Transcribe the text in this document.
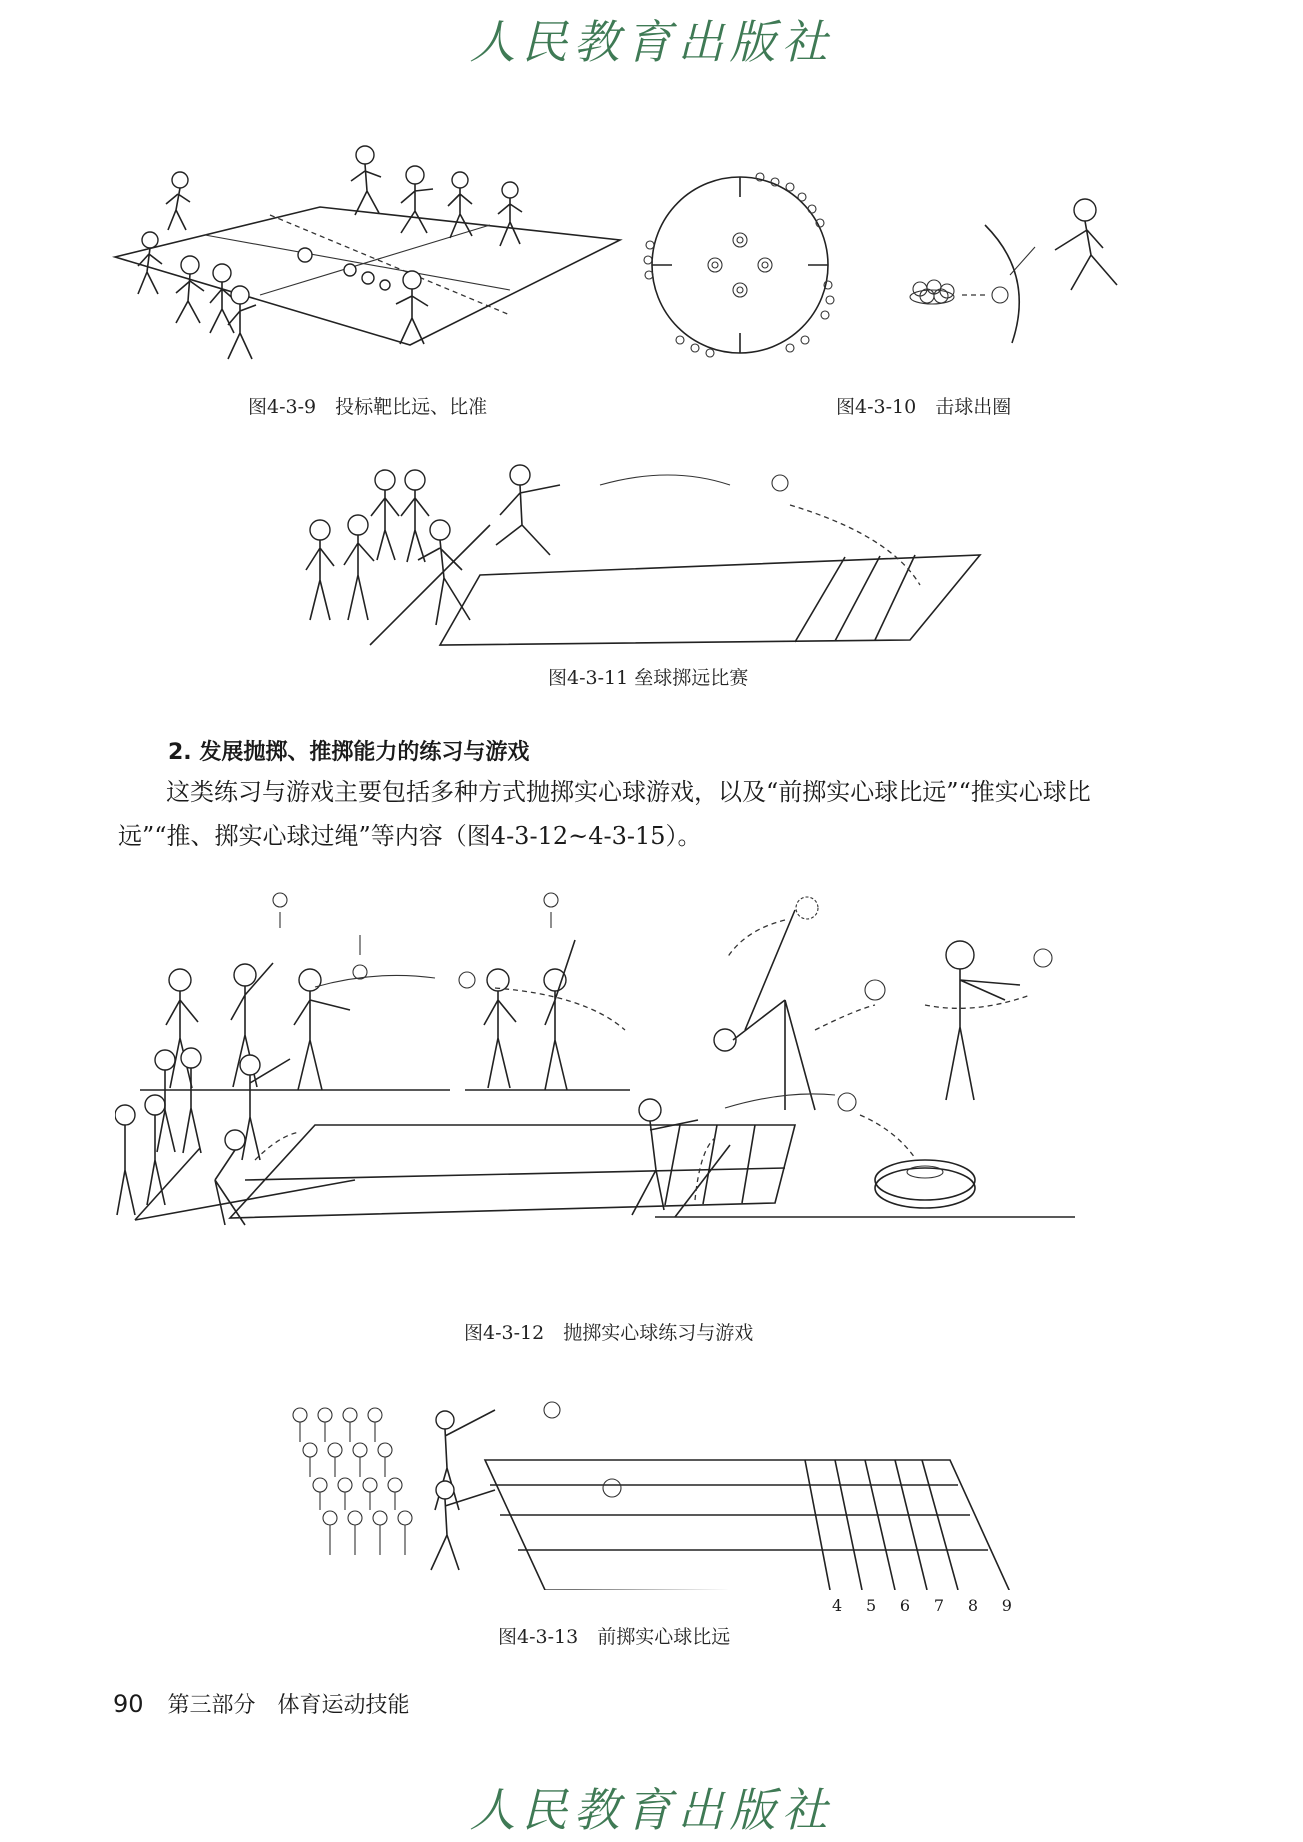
人民教育出版社
图4-3-9　投标靶比远、比准	图4-3-10　击球出圈
图4-3-11 垒球掷远比赛
2. 发展抛掷、推掷能力的练习与游戏
这类练习与游戏主要包括多种方式抛掷实心球游戏，以及“前掷实心球比远”“推实心球比远”“推、掷实心球过绳”等内容（图4-3-12~4-3-15）。
图4-3-12　抛掷实心球练习与游戏
4 5 6 7 8 9
图4-3-13　前掷实心球比远
90 第三部分　体育运动技能
人民教育出版社
